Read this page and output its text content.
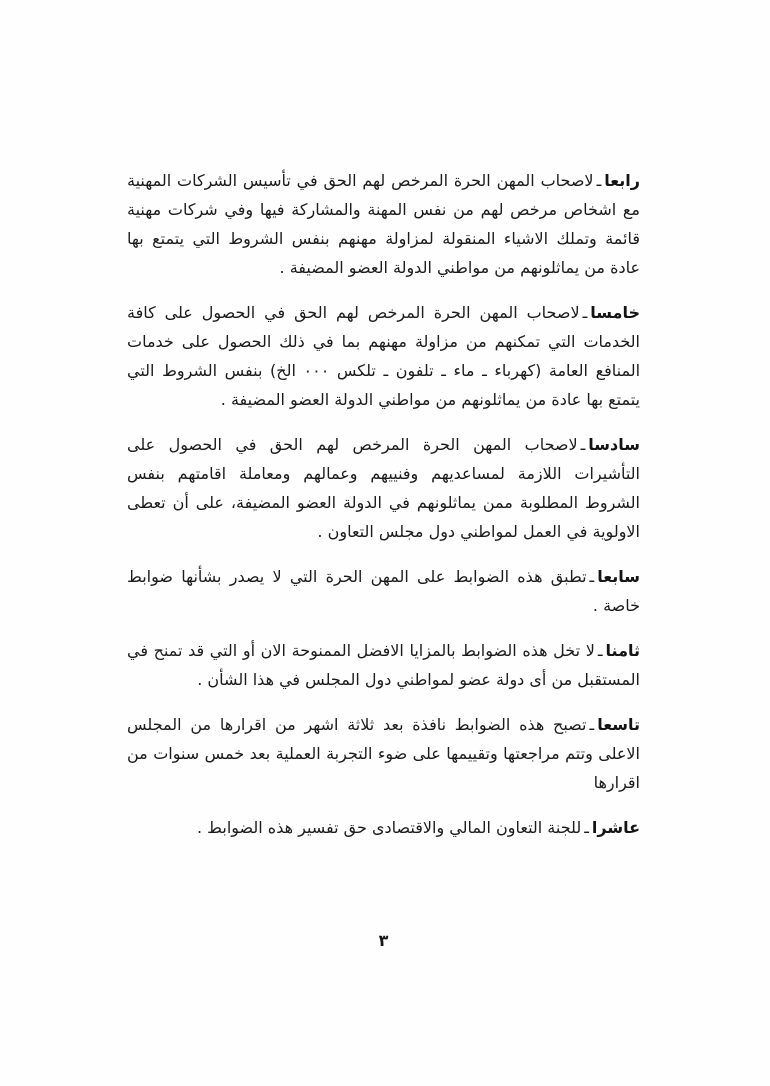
رابعاـلاصحاب المهن الحرة المرخص لهم الحق في تأسيس الشركات المهنية مع اشخاص مرخص لهم من نفس المهنة والمشاركة فيها وفي شركات مهنية قائمة وتملك الاشياء المنقولة لمزاولة مهنهم بنفس الشروط التي يتمتع بها عادة من يماثلونهم من مواطني الدولة العضو المضيفة .

خامساـلاصحاب المهن الحرة المرخص لهم الحق في الحصول على كافة الخدمات التي تمكنهم من مزاولة مهنهم بما في ذلك الحصول على خدمات المنافع العامة (كهرباء ـ ماء ـ تلفون ـ تلكس ٠٠٠ الخ) بنفس الشروط التي يتمتع بها عادة من يماثلونهم من مواطني الدولة العضو المضيفة .

سادساـلاصحاب المهن الحرة المرخص لهم الحق في الحصول على التأشيرات اللازمة لمساعديهم وفنييهم وعمالهم ومعاملة اقامتهم بنفس الشروط المطلوبة ممن يماثلونهم في الدولة العضو المضيفة، على أن تعطى الاولوية في العمل لمواطني دول مجلس التعاون .

سابعاـتطبق هذه الضوابط على المهن الحرة التي لا يصدر بشأنها ضوابط خاصة .

ثامناـلا تخل هذه الضوابط بالمزايا الافضل الممنوحة الان أو التي قد تمنح في المستقبل من أى دولة عضو لمواطني دول المجلس في هذا الشأن .

تاسعاـتصبح هذه الضوابط نافذة بعد ثلاثة اشهر من اقرارها من المجلس الاعلى وتتم مراجعتها وتقييمها على ضوء التجربة العملية بعد خمس سنوات من اقرارها

عاشراـللجنة التعاون المالي والاقتصادى حق تفسير هذه الضوابط .

٣
